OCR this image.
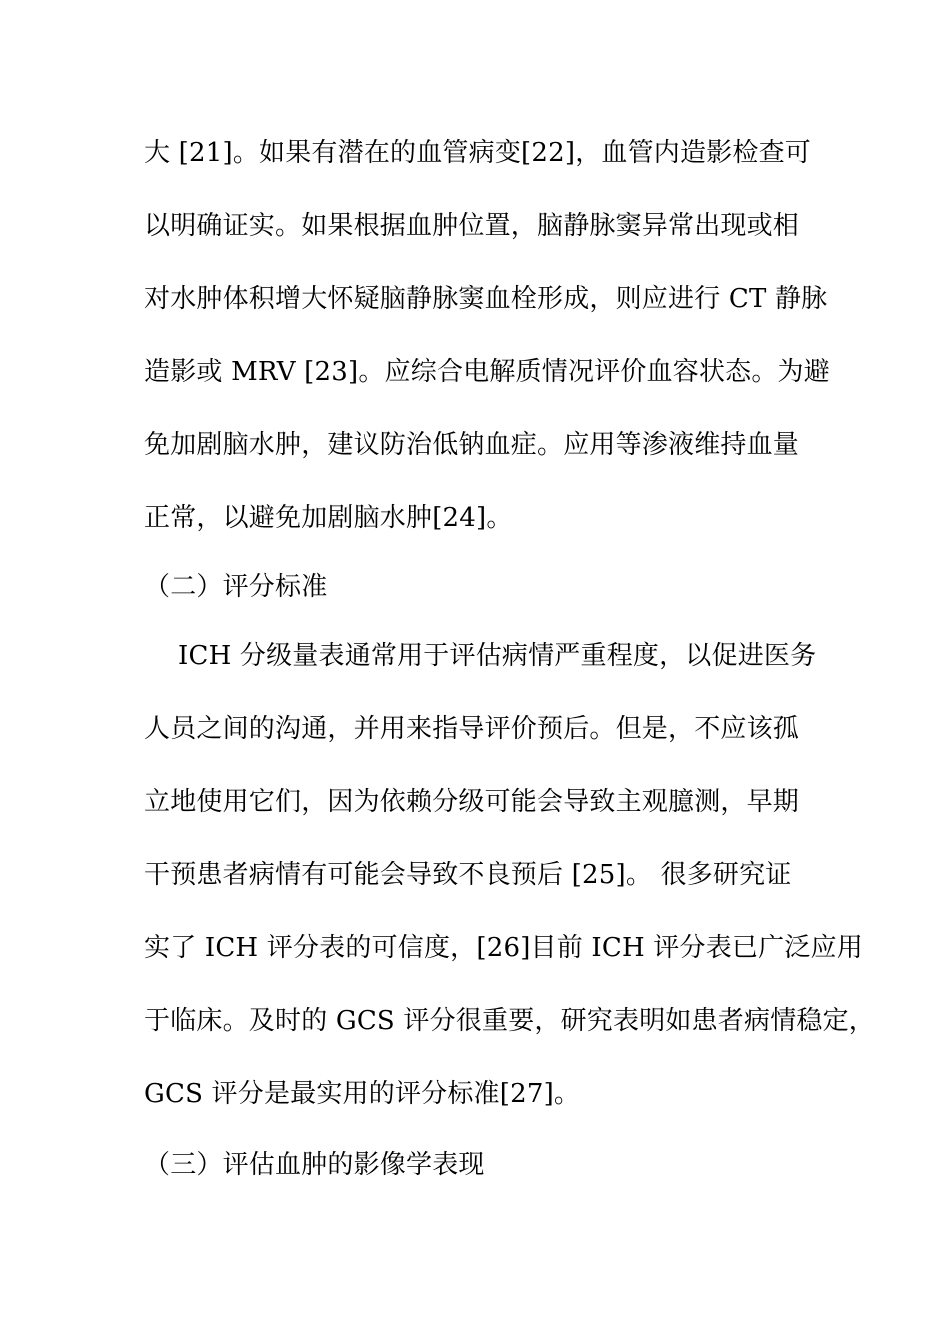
大 [21]。如果有潜在的血管病变[22]，血管内造影检查可
以明确证实。如果根据血肿位置，脑静脉窦异常出现或相
对水肿体积增大怀疑脑静脉窦血栓形成，则应进行 CT 静脉
造影或 MRV [23]。应综合电解质情况评价血容状态。为避
免加剧脑水肿，建议防治低钠血症。应用等渗液维持血量
正常，以避免加剧脑水肿[24]。
（二）评分标准
ICH 分级量表通常用于评估病情严重程度，以促进医务
人员之间的沟通，并用来指导评价预后。但是，不应该孤
立地使用它们，因为依赖分级可能会导致主观臆测，早期
干预患者病情有可能会导致不良预后 [25]。 很多研究证
实了 ICH 评分表的可信度，[26]目前 ICH 评分表已广泛应用
于临床。及时的 GCS 评分很重要，研究表明如患者病情稳定，
GCS 评分是最实用的评分标准[27]。
（三）评估血肿的影像学表现
